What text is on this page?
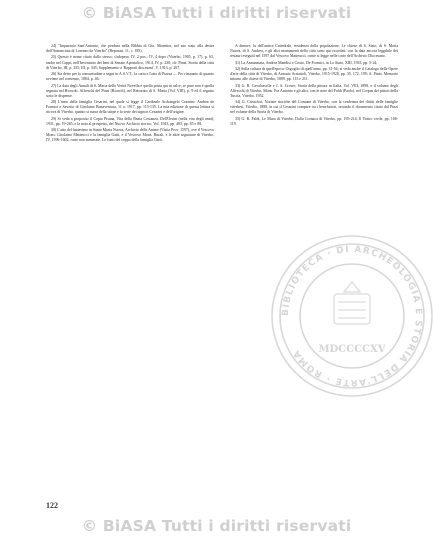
© BiASA Tutti i diritti riservati

24) "Inquartato Sant'Antonio, che perdura nella Bibbia di Gio. Monetier, nel suo stato alla destra dell'Annunciata di Lorenzo da Viterbo" (Reposati, 11, c. 185).

25) Questo è nome citato dallo stesso; s'adopera. IV, 2 pos.; IV, 4 dopo (Viterbo, 1905, p. 17), p. 65, anche nel Coppi, nell'Inventario dei beni di Senato Apostolico, 1914, IV, p. 230; cfr. Pinzi, Storia della città di Viterbo, III, p. 255; III, p. 345; Supplemento a 'Rapporti diocesani', V, 1913, p. 267.

26) Sia detto per la consuetudine a segni in A.S.V.T., la carta e l'atto di Piazza — Per riassunto di quanto avviene nel convento, 1884, p. 46.

27) La data degli Annali di S. Maria della Verità Novella è quella posta qui in calce, se pure non è quella segnata nel Ricordo, Affreschi del Pinzi (Ricordi), nel Rettorato di S. Maria (Vol. VIII), p. 9 ed il seguito sotto le dispense.

28) L'inno della famiglia Cesarini, nel quale si legge il Cardinale Archangelo Cesarini: Andrea de Formici e Saverio di Girolamo Bonaventura, 11 a, 1917, pp. 115-135. La mia edizione di questa lettura si ritrova di Viterbo, quanto si narra della stirpe e la serie dei signori Cesarini e dell'origine.

29) Si veda a proposito il Copia Pisana, Vita della Beata Costanza, Dell'Orsini (nella vita degli anni), 1931, pp. 19-265, e la nota al prospetto, del Nuovo Archivio storico, Vol. 1943, pp. 483, pp. 85 e 88.

30) L'atto del battesimo in Santa Maria Nuova, Archivio delle Anime (Visita Prov. 1597), ove il Vescovo Mons. Girolamo Matteucci e la famiglia Gatti, e il Vescovo Mons. Burali, e le altre segnature di Viterbo, IV, 1596-1602, carte non numerate. Le fonti del ceppo della famiglia Gatti.

A dimore, la dell'antica Cattedrale, residenza della popolazione. Le chiese di S. Sisto, di S. Maria Nuova, di S. Andrea, e gli altri monumenti della città sono qui ricordati, con la data ancora leggibile dei restauri eseguiti nel 1597 dal Vescovo Matteucci, come si legge nelle carte dell'Archivio Diocesano.

31) La Annunziata, Andrea Mandisi e Cristo, De Formici, in Lo Stato, XIII, 1933, pp. 5-24.

32) Sulla cultura di quell'epoca: Orgoglio di quell'anno, pp. 31-54; si veda anche il Catalogo delle Opere d'arte della città di Viterbo, di Antonio Scriattoli, Viterbo, 1915-1920, pp. 35, 172, 199; A. Pinzi, Memorie intorno alle chiese di Viterbo, 1889, pp. 115 e 211.

33) G. B. Cavalcaselle e J. A. Crowe, Storia della pittura in Italia, Vol. VIII, 1898, e il volume degli Affreschi di Viterbo, Mons. Fra Antonio e gli altri, con le note del Faldi (Paolo), nel Corpus dei pittori della Tuscia, Viterbo, 1952.

34) G. Cristofori, Notizie storiche del Comune di Viterbo, con la conferma dei diritti delle famiglie viterbesi, Viterbo, 1888, in cui il Cesarini compare tra i benefattori, secondo il documento citato dal Pinzi nel volume della Storia di Viterbo.

35) G. B. Faldi, Le Mura di Viterbo, Dalla Cronaca di Viterbo, pp. 195-214; Il Teatro civile, pp. 106-119.

BIBLIOTECA · DI ARCHEOLOGIA E STORIA DELL'ARTE · ROMA	MDCCCCXV
122
© BiASA Tutti i diritti riservati
